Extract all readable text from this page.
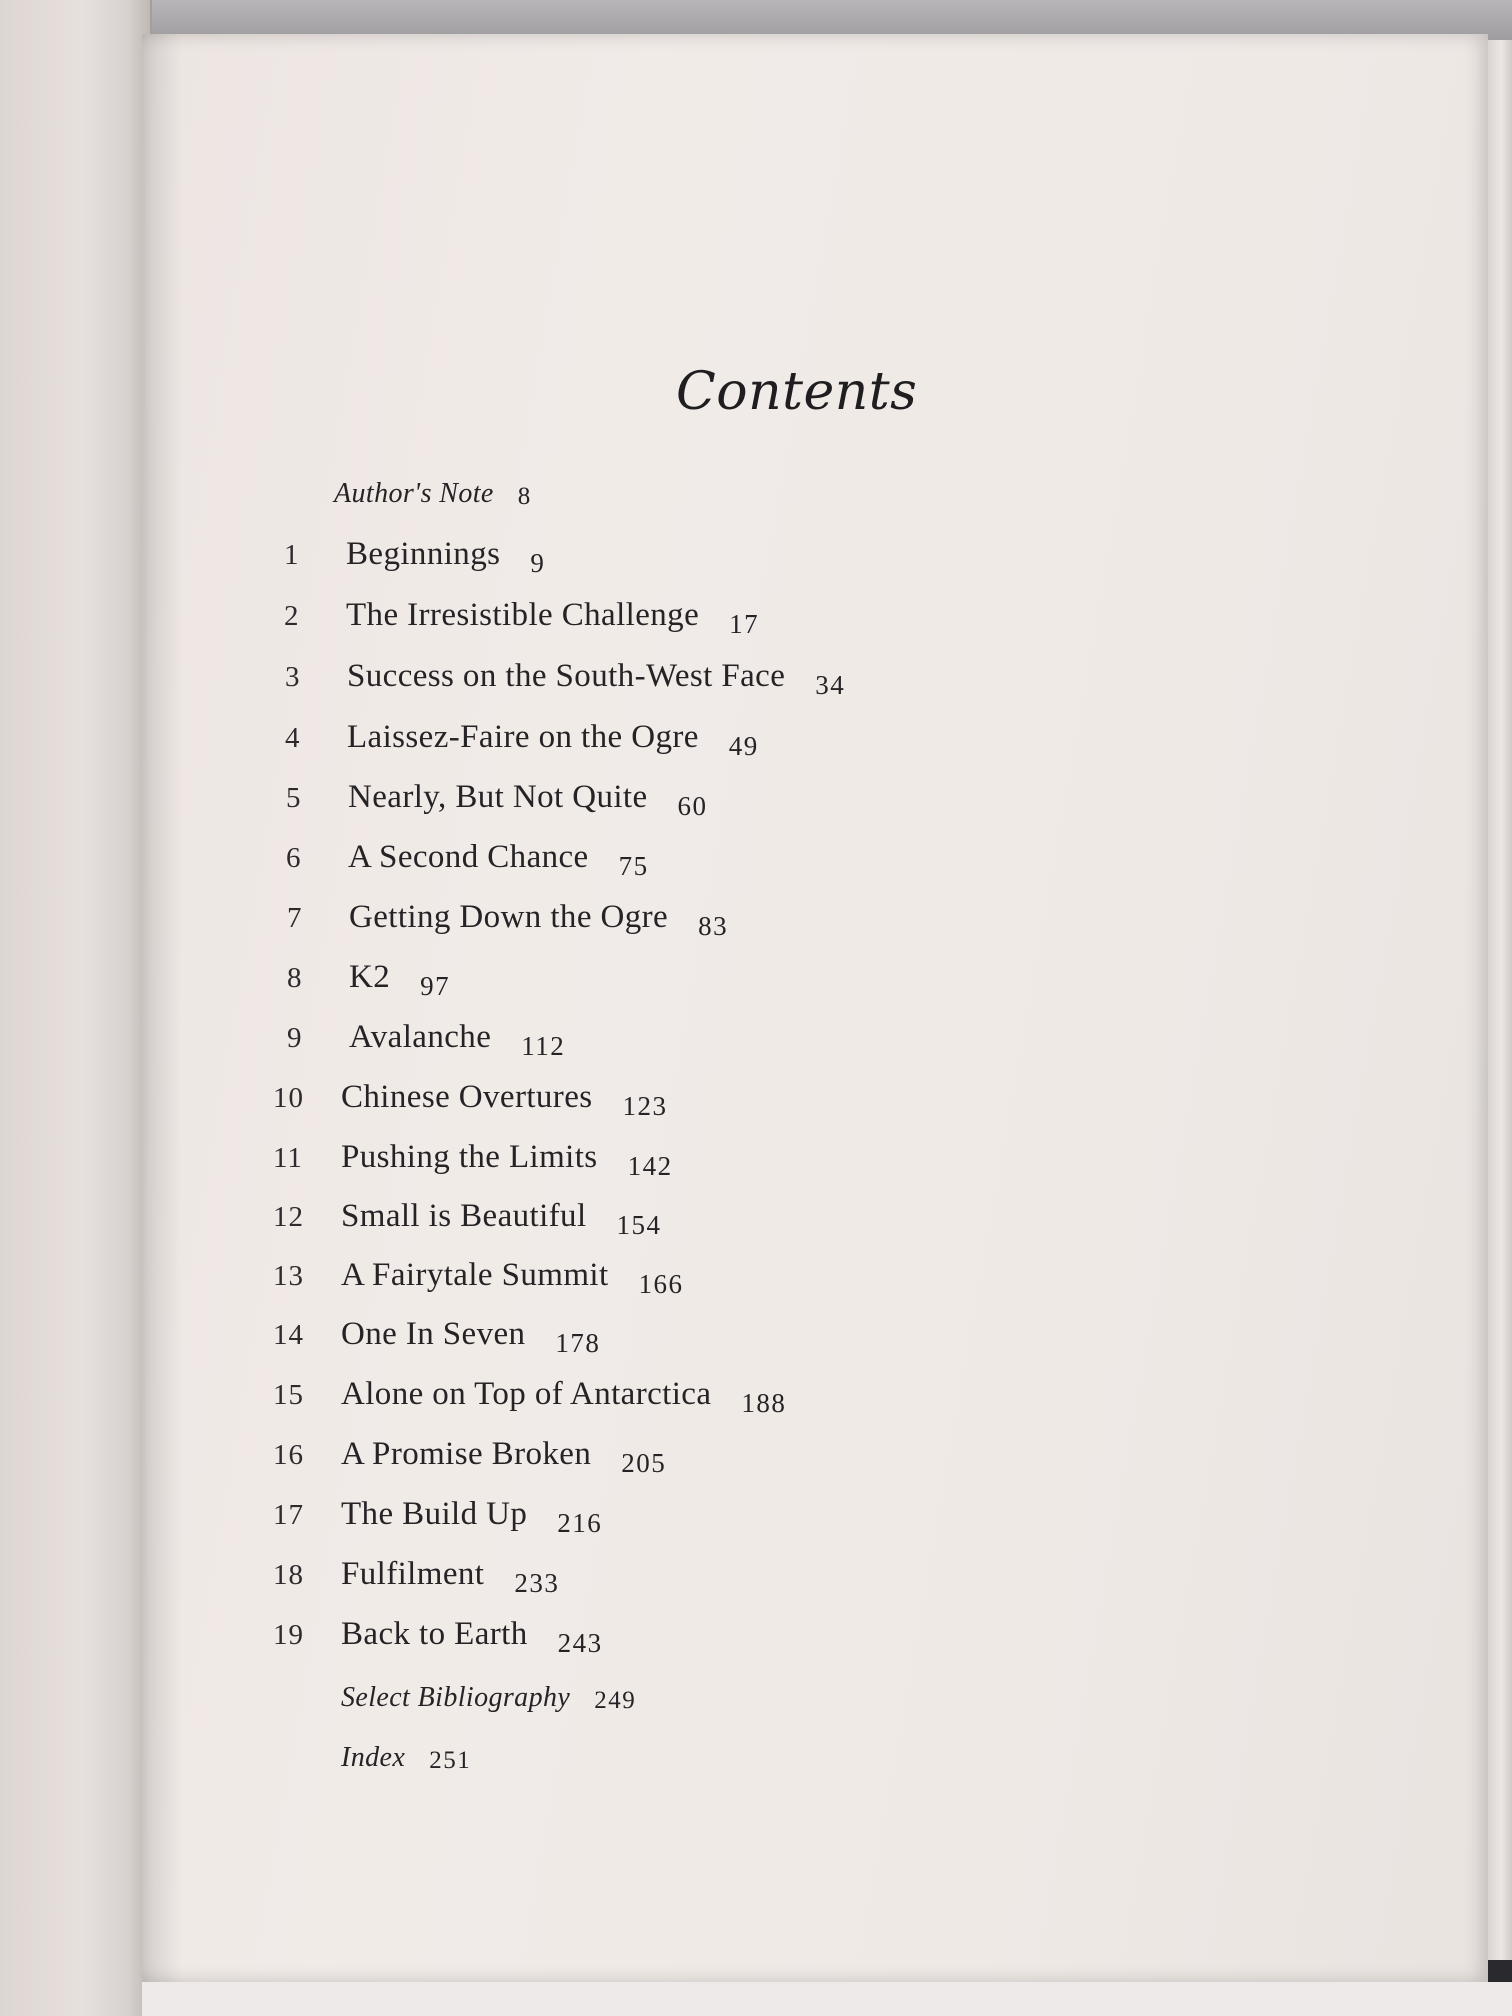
Contents
Author's Note 8
1	Beginnings 9
2	The Irresistible Challenge 17
3	Success on the South-West Face 34
4	Laissez-Faire on the Ogre 49
5	Nearly, But Not Quite 60
6	A Second Chance 75
7	Getting Down the Ogre 83
8	K2 97
9	Avalanche 112
10	Chinese Overtures 123
11	Pushing the Limits 142
12	Small is Beautiful 154
13	A Fairytale Summit 166
14	One In Seven 178
15	Alone on Top of Antarctica 188
16	A Promise Broken 205
17	The Build Up 216
18	Fulfilment 233
19	Back to Earth 243
Select Bibliography 249
Index 251
